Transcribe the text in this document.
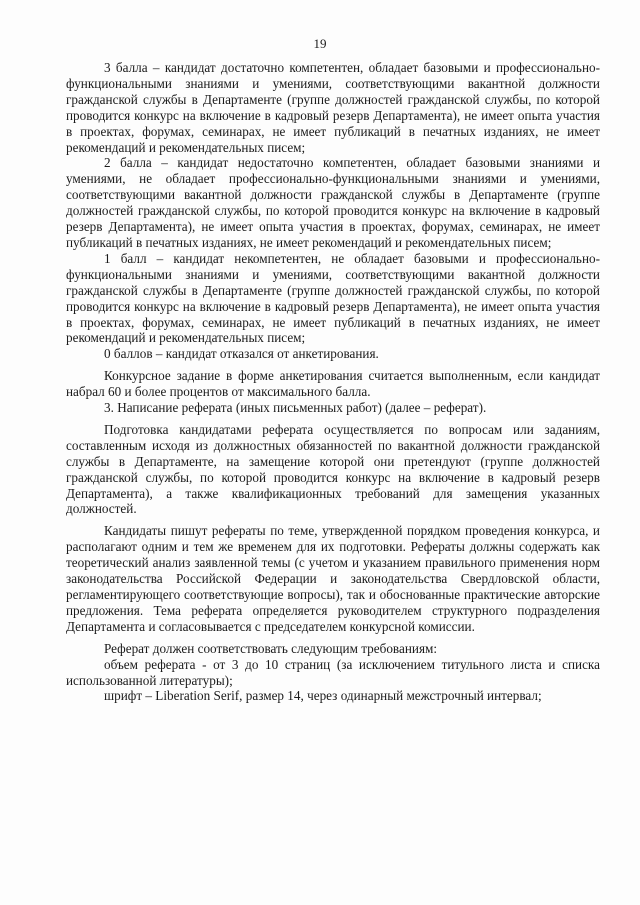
19

3 балла – кандидат достаточно компетентен, обладает базовыми и профессионально-функциональными знаниями и умениями, соответствующими вакантной должности гражданской службы в Департаменте (группе должностей гражданской службы, по которой проводится конкурс на включение в кадровый резерв Департамента), не имеет опыта участия в проектах, форумах, семинарах, не имеет публикаций в печатных изданиях, не имеет рекомендаций и рекомендательных писем;

2 балла – кандидат недостаточно компетентен, обладает базовыми знаниями и умениями, не обладает профессионально-функциональными знаниями и умениями, соответствующими вакантной должности гражданской службы в Департаменте (группе должностей гражданской службы, по которой проводится конкурс на включение в кадровый резерв Департамента), не имеет опыта участия в проектах, форумах, семинарах, не имеет публикаций в печатных изданиях, не имеет рекомендаций и рекомендательных писем;

1 балл – кандидат некомпетентен, не обладает базовыми и профессионально-функциональными знаниями и умениями, соответствующими вакантной должности гражданской службы в Департаменте (группе должностей гражданской службы, по которой проводится конкурс на включение в кадровый резерв Департамента), не имеет опыта участия в проектах, форумах, семинарах, не имеет публикаций в печатных изданиях, не имеет рекомендаций и рекомендательных писем;

0 баллов – кандидат отказался от анкетирования.

Конкурсное задание в форме анкетирования считается выполненным, если кандидат набрал 60 и более процентов от максимального балла.

3. Написание реферата (иных письменных работ) (далее – реферат).

Подготовка кандидатами реферата осуществляется по вопросам или заданиям, составленным исходя из должностных обязанностей по вакантной должности гражданской службы в Департаменте, на замещение которой они претендуют (группе должностей гражданской службы, по которой проводится конкурс на включение в кадровый резерв Департамента), а также квалификационных требований для замещения указанных должностей.

Кандидаты пишут рефераты по теме, утвержденной порядком проведения конкурса, и располагают одним и тем же временем для их подготовки. Рефераты должны содержать как теоретический анализ заявленной темы (с учетом и указанием правильного применения норм законодательства Российской Федерации и законодательства Свердловской области, регламентирующего соответствующие вопросы), так и обоснованные практические авторские предложения. Тема реферата определяется руководителем структурного подразделения Департамента и согласовывается с председателем конкурсной комиссии.

Реферат должен соответствовать следующим требованиям:

объем реферата - от 3 до 10 страниц (за исключением титульного листа и списка использованной литературы);

шрифт – Liberation Serif, размер 14, через одинарный межстрочный интервал;
